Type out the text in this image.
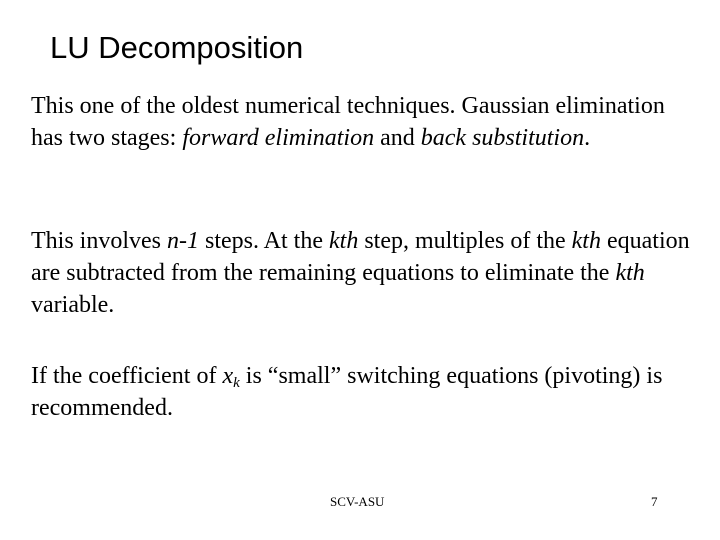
LU Decomposition

This one of the oldest numerical techniques. Gaussian elimination has two stages: forward elimination and back substitution.

This involves n-1 steps. At the kth step, multiples of the kth equation are subtracted from the remaining equations to eliminate the kth variable.

If the coefficient of $x_k$ is “small” switching equations (pivoting) is recommended.

SCV-ASU	7
